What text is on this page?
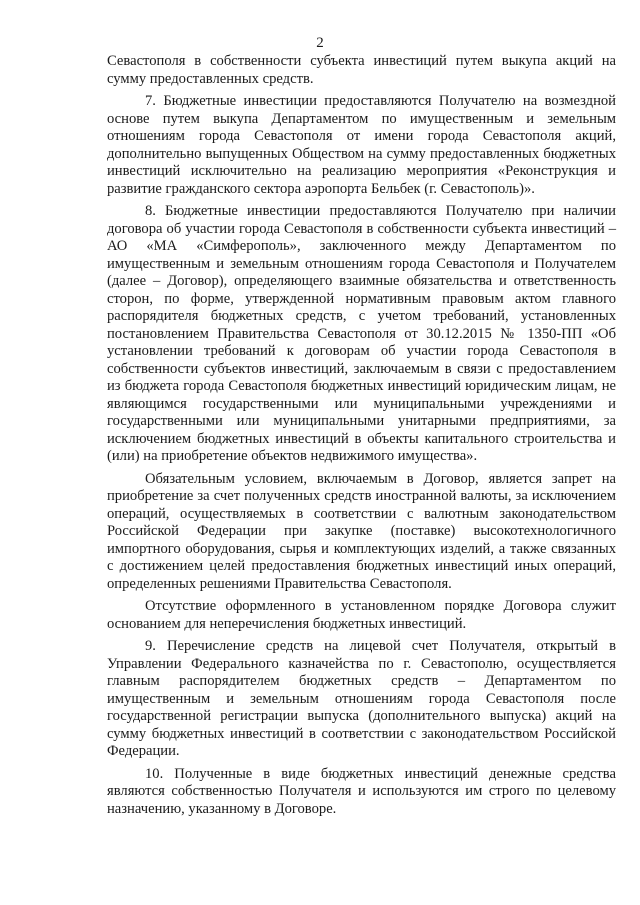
2

Севастополя в собственности субъекта инвестиций путем выкупа акций на сумму предоставленных средств.

7. Бюджетные инвестиции предоставляются Получателю на возмездной основе путем выкупа Департаментом по имущественным и земельным отношениям города Севастополя от имени города Севастополя акций, дополнительно выпущенных Обществом на сумму предоставленных бюджетных инвестиций исключительно на реализацию мероприятия «Реконструкция и развитие гражданского сектора аэропорта Бельбек (г. Севастополь)».

8. Бюджетные инвестиции предоставляются Получателю при наличии договора об участии города Севастополя в собственности субъекта инвестиций – АО «МА «Симферополь», заключенного между Департаментом по имущественным и земельным отношениям города Севастополя и Получателем (далее – Договор), определяющего взаимные обязательства и ответственность сторон, по форме, утвержденной нормативным правовым актом главного распорядителя бюджетных средств, с учетом требований, установленных постановлением Правительства Севастополя от 30.12.2015 № 1350-ПП «Об установлении требований к договорам об участии города Севастополя в собственности субъектов инвестиций, заключаемым в связи с предоставлением из бюджета города Севастополя бюджетных инвестиций юридическим лицам, не являющимся государственными или муниципальными учреждениями и государственными или муниципальными унитарными предприятиями, за исключением бюджетных инвестиций в объекты капитального строительства и (или) на приобретение объектов недвижимого имущества».

Обязательным условием, включаемым в Договор, является запрет на приобретение за счет полученных средств иностранной валюты, за исключением операций, осуществляемых в соответствии с валютным законодательством Российской Федерации при закупке (поставке) высокотехнологичного импортного оборудования, сырья и комплектующих изделий, а также связанных с достижением целей предоставления бюджетных инвестиций иных операций, определенных решениями Правительства Севастополя.

Отсутствие оформленного в установленном порядке Договора служит основанием для неперечисления бюджетных инвестиций.

9. Перечисление средств на лицевой счет Получателя, открытый в Управлении Федерального казначейства по г. Севастополю, осуществляется главным распорядителем бюджетных средств – Департаментом по имущественным и земельным отношениям города Севастополя после государственной регистрации выпуска (дополнительного выпуска) акций на сумму бюджетных инвестиций в соответствии с законодательством Российской Федерации.

10. Полученные в виде бюджетных инвестиций денежные средства являются собственностью Получателя и используются им строго по целевому назначению, указанному в Договоре.
